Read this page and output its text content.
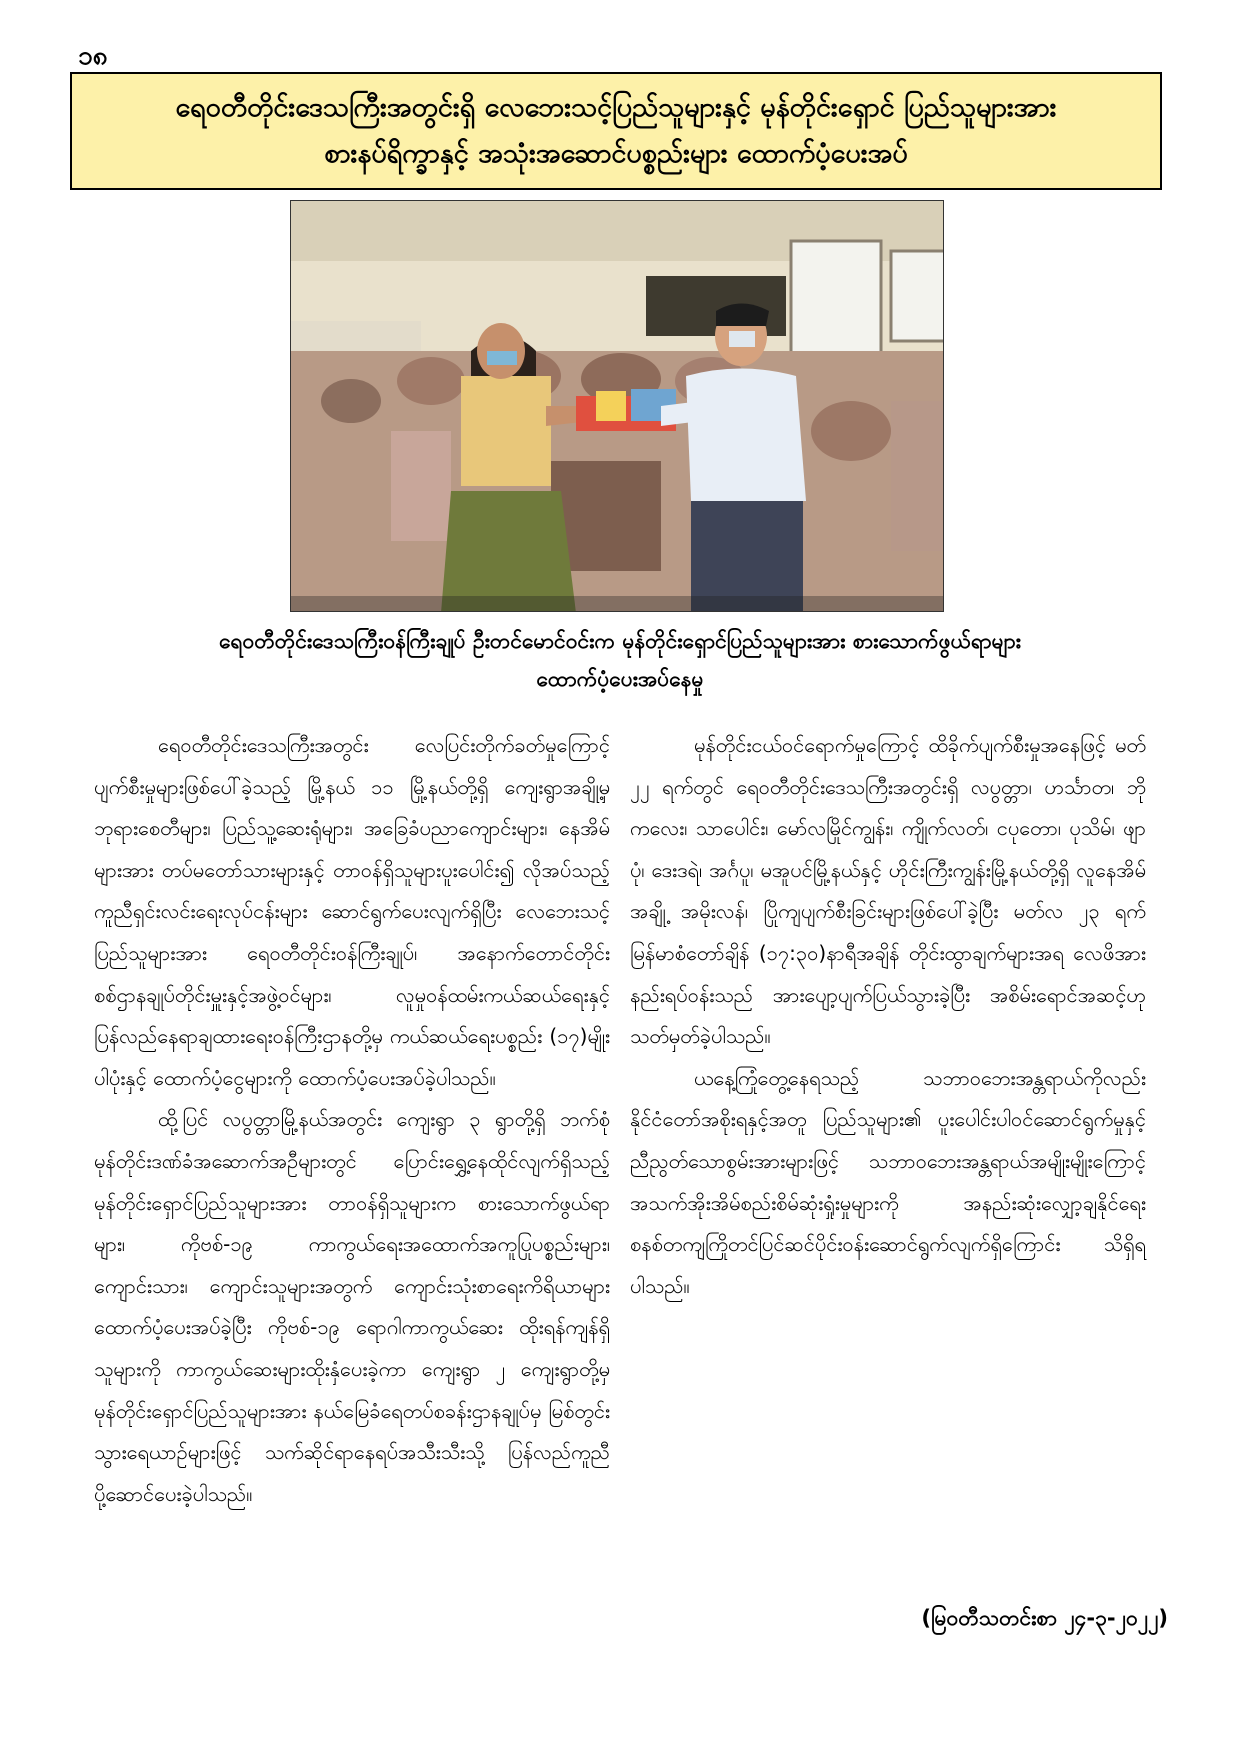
၁၈
ရေဝတီတိုင်းဒေသကြီးအတွင်းရှိ လေဘေးသင့်ပြည်သူများနှင့် မုန်တိုင်းရှောင် ပြည်သူများအား
စားနပ်ရိက္ခာနှင့် အသုံးအဆောင်ပစ္စည်းများ ထောက်ပံ့ပေးအပ်
ရေဝတီတိုင်းဒေသကြီးဝန်ကြီးချုပ် ဦးတင်မောင်ဝင်းက မုန်တိုင်းရှောင်ပြည်သူများအား စားသောက်ဖွယ်ရာများ
ထောက်ပံ့ပေးအပ်နေမှု

ရေဝတီတိုင်းဒေသကြီးအတွင်း လေပြင်းတိုက်ခတ်မှုကြောင့် ပျက်စီးမှုများဖြစ်ပေါ်ခဲ့သည့် မြို့နယ် ၁၁ မြို့နယ်တို့ရှိ ကျေးရွာအချို့မှ ဘုရားစေတီများ၊ ပြည်သူ့ဆေးရုံများ၊ အခြေခံပညာကျောင်းများ၊ နေအိမ်များအား တပ်မတော်သားများနှင့် တာဝန်ရှိသူများပူးပေါင်း၍ လိုအပ်သည့် ကူညီရှင်းလင်းရေးလုပ်ငန်းများ ဆောင်ရွက်ပေးလျက်ရှိပြီး လေဘေးသင့်ပြည်သူများအား ရေဝတီတိုင်းဝန်ကြီးချုပ်၊ အနောက်တောင်တိုင်းစစ်ဌာနချုပ်တိုင်းမှူးနှင့်အဖွဲ့ဝင်များ၊ လူမှုဝန်ထမ်းကယ်ဆယ်ရေးနှင့်ပြန်လည်နေရာချထားရေးဝန်ကြီးဌာနတို့မှ ကယ်ဆယ်ရေးပစ္စည်း (၁၇)မျိုးပါပုံးနှင့် ထောက်ပံ့ငွေများကို ထောက်ပံ့ပေးအပ်ခဲ့ပါသည်။

ထို့ပြင် လပွတ္တာမြို့နယ်အတွင်း ကျေးရွာ ၃ ရွာတို့ရှိ ဘက်စုံမုန်တိုင်းဒဏ်ခံအဆောက်အဦများတွင် ပြောင်းရွှေ့နေထိုင်လျက်ရှိသည့် မုန်တိုင်းရှောင်ပြည်သူများအား တာဝန်ရှိသူများက စားသောက်ဖွယ်ရာများ၊ ကိုဗစ်-၁၉ ကာကွယ်ရေးအထောက်အကူပြုပစ္စည်းများ၊ ကျောင်းသား၊ ကျောင်းသူများအတွက် ကျောင်းသုံးစာရေးကိရိယာများ ထောက်ပံ့ပေးအပ်ခဲ့ပြီး ကိုဗစ်-၁၉ ရောဂါကာကွယ်ဆေး ထိုးရန်ကျန်ရှိသူများကို ကာကွယ်ဆေးများထိုးနှံပေးခဲ့ကာ ကျေးရွာ ၂ ကျေးရွာတို့မှ မုန်တိုင်းရှောင်ပြည်သူများအား နယ်မြေခံရေတပ်စခန်းဌာနချုပ်မှ မြစ်တွင်းသွားရေယာဉ်များဖြင့် သက်ဆိုင်ရာနေရပ်အသီးသီးသို့ ပြန်လည်ကူညီပို့ဆောင်ပေးခဲ့ပါသည်။

မုန်တိုင်းငယ်ဝင်ရောက်မှုကြောင့် ထိခိုက်ပျက်စီးမှုအနေဖြင့် မတ် ၂၂ ရက်တွင် ရေဝတီတိုင်းဒေသကြီးအတွင်းရှိ လပွတ္တာ၊ ဟင်္သာတ၊ ဘိုကလေး၊ သာပေါင်း၊ မော်လမြိုင်ကျွန်း၊ ကျိုက်လတ်၊ ငပုတော၊ ပုသိမ်၊ ဖျာပုံ၊ ဒေးဒရဲ၊ အင်္ဂပူ၊ မအူပင်မြို့နယ်နှင့် ဟိုင်းကြီးကျွန်းမြို့နယ်တို့ရှိ လူနေအိမ်အချို့ အမိုးလန်၊ ပြိုကျပျက်စီးခြင်းများဖြစ်ပေါ်ခဲ့ပြီး မတ်လ ၂၃ ရက် မြန်မာစံတော်ချိန် (၁၇:၃၀)နာရီအချိန် တိုင်းထွာချက်များအရ လေဖိအားနည်းရပ်ဝန်းသည် အားပျော့ပျက်ပြယ်သွားခဲ့ပြီး အစိမ်းရောင်အဆင့်ဟု သတ်မှတ်ခဲ့ပါသည်။

ယနေ့ကြုံတွေ့နေရသည့် သဘာဝဘေးအန္တရာယ်ကိုလည်း နိုင်ငံတော်အစိုးရနှင့်အတူ ပြည်သူများ၏ ပူးပေါင်းပါဝင်ဆောင်ရွက်မှုနှင့် ညီညွတ်သောစွမ်းအားများဖြင့် သဘာဝဘေးအန္တရာယ်အမျိုးမျိုးကြောင့် အသက်အိုးအိမ်စည်းစိမ်ဆုံးရှုံးမှုများကို အနည်းဆုံးလျှော့ချနိုင်ရေး စနစ်တကျကြိုတင်ပြင်ဆင်ပိုင်းဝန်းဆောင်ရွက်လျက်ရှိကြောင်း သိရှိရပါသည်။

(မြဝတီသတင်းစာ ၂၄-၃-၂၀၂၂)
